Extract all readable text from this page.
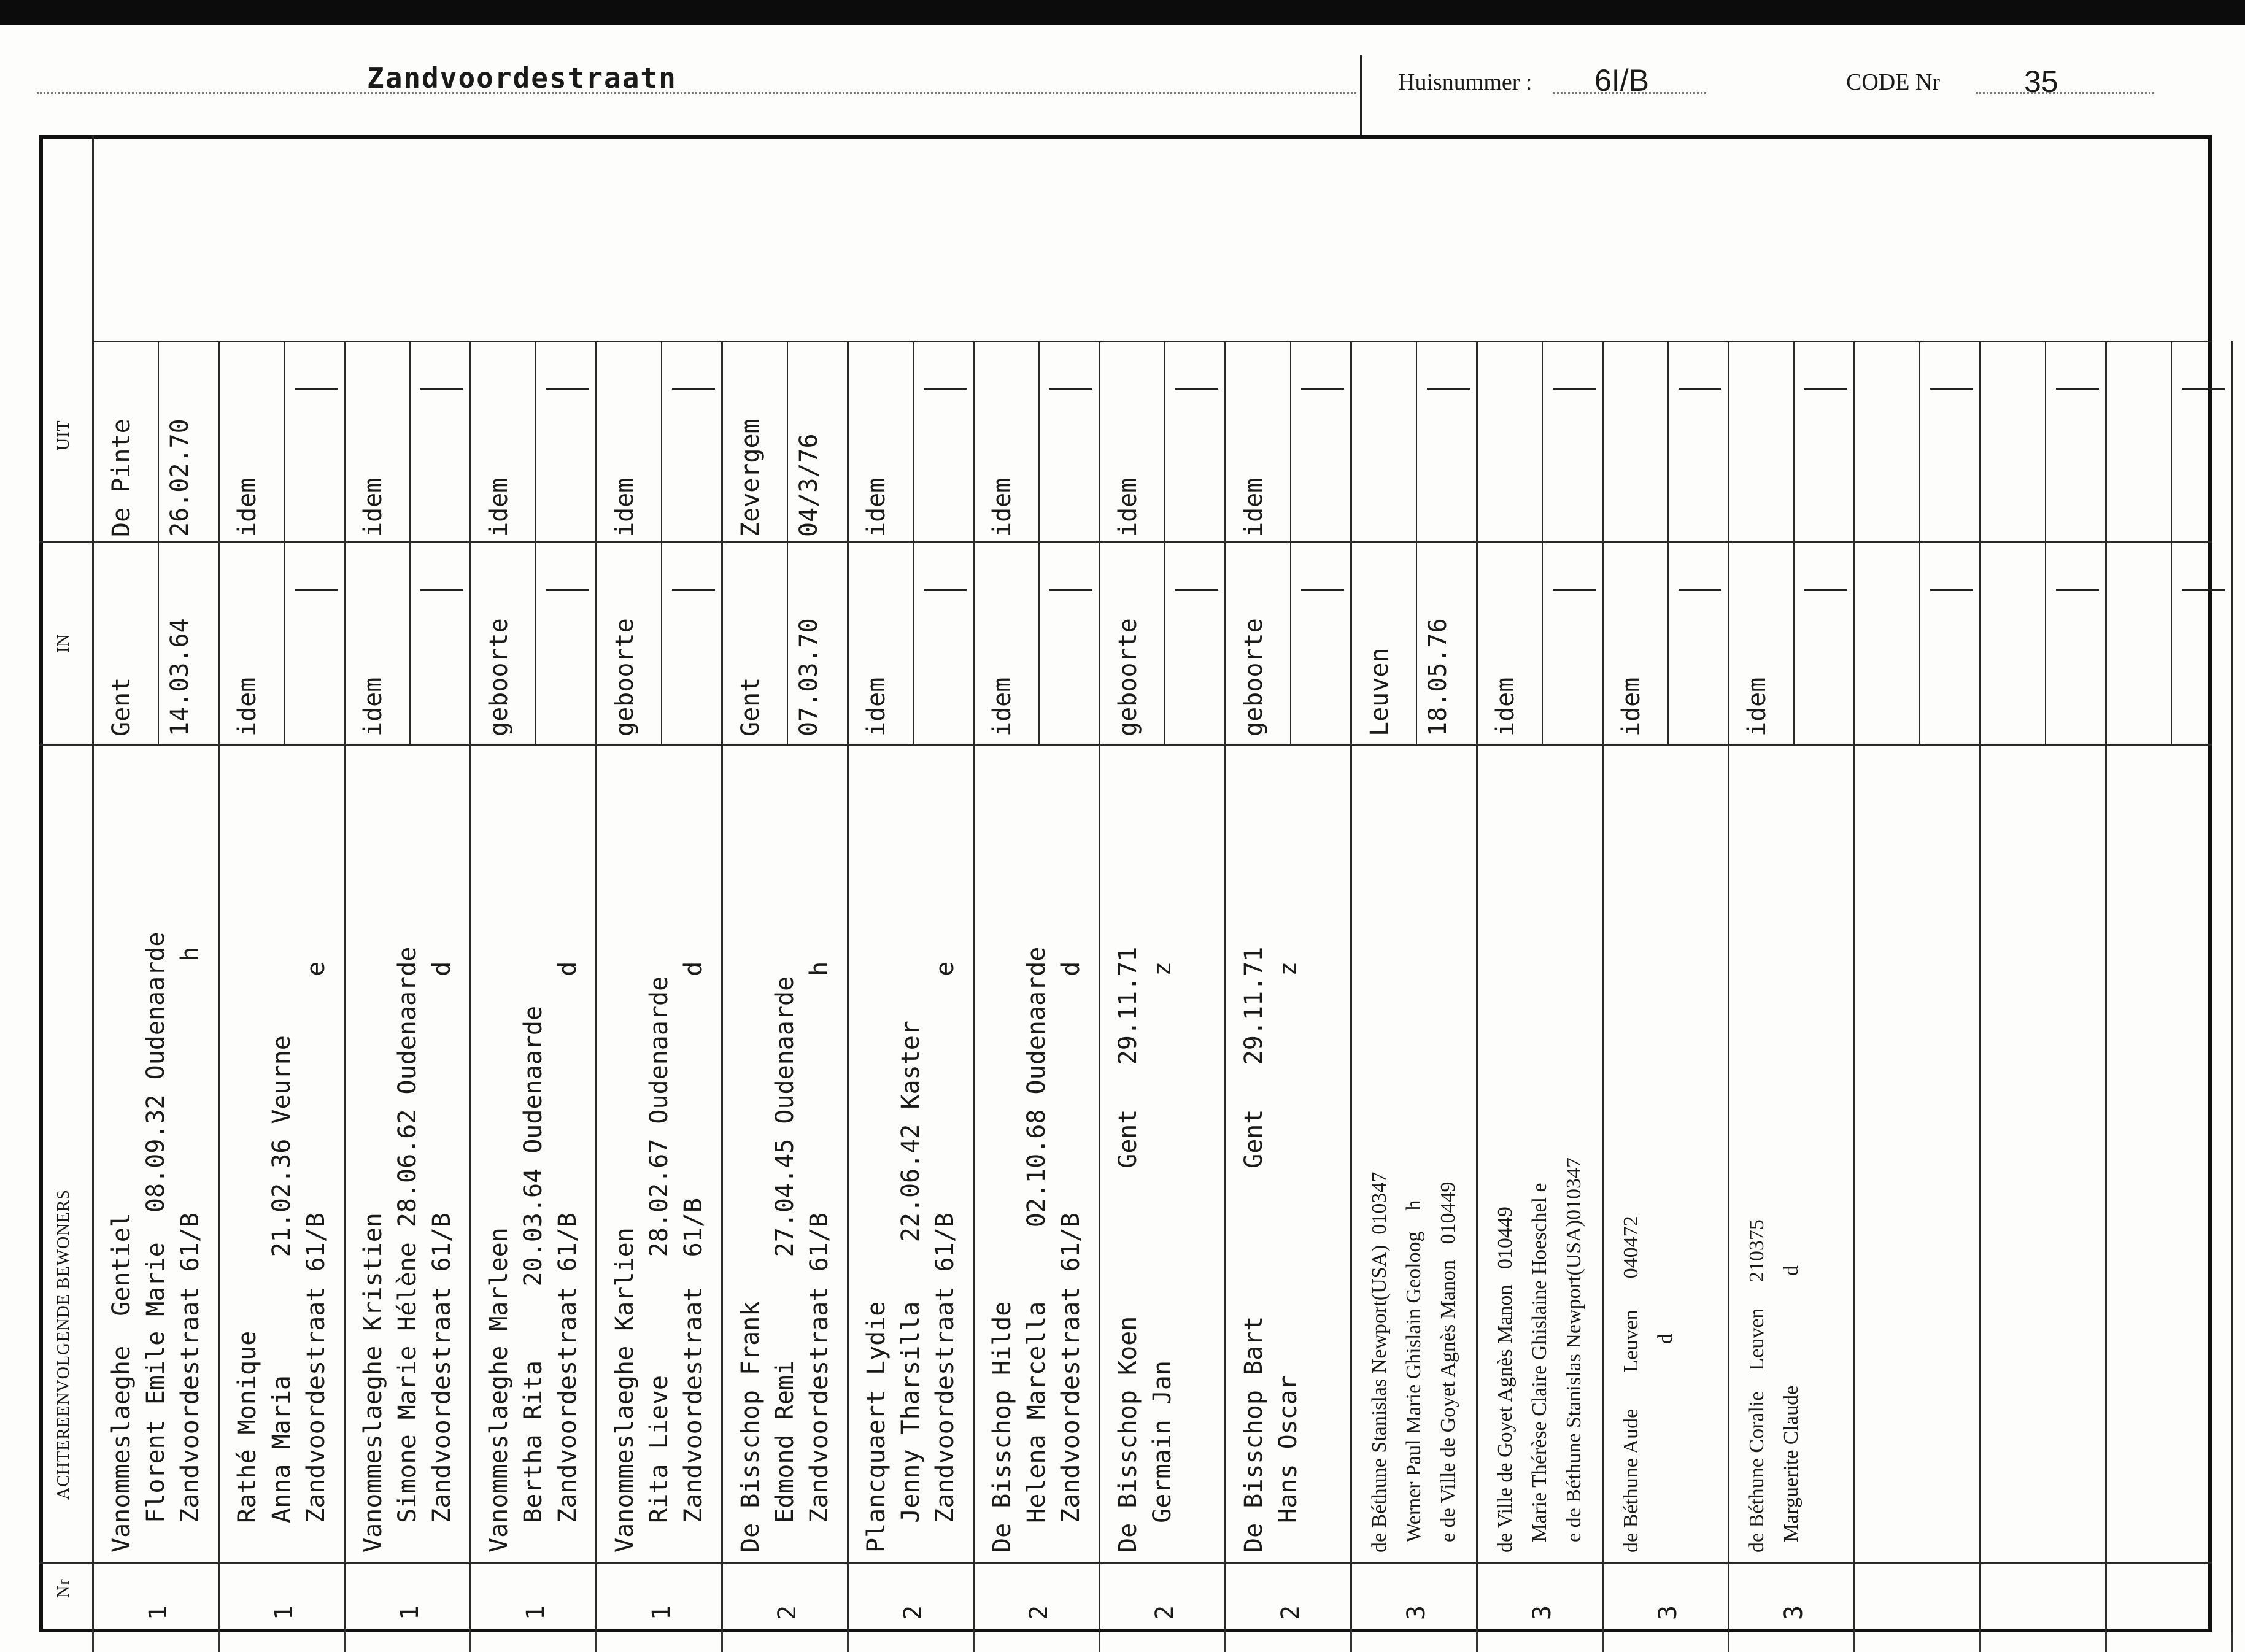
Zandvoordestraatn	Huisnummer : 6I/B	CODE Nr	35
Nr
ACHTEREENVOLGENDE BEWONERS
IN
UIT
1
Vanommeslaeghe  Gentiel
Florent Emile Marie  08.09.32 Oudenaarde
Zandvoordestraat 61/B                 h
Gent 14.03.64
De Pinte 26.02.70
1
Rathé Monique
Anna Maria        21.02.36 Veurne
Zandvoordestraat 61/B                e
idem
idem
1
Vanommeslaeghe Kristien
Simone Marie Hélène 28.06.62 Oudenaarde
Zandvoordestraat 61/B                d
idem
idem
1
Vanommeslaeghe Marleen
Bertha Rita     20.03.64 Oudenaarde
Zandvoordestraat 61/B                d
geboorte
idem
1
Vanommeslaeghe Karlien
Rita Lieve        28.02.67 Oudenaarde
Zandvoordestraat  61/B               d
geboorte
idem
2
De Bisschop Frank
Edmond Remi       27.04.45 Oudenaarde
Zandvoordestraat 61/B                h
Gent 07.03.70
Zevergem 04/3/76
2
Plancquaert Lydie
Jenny Tharsilla    22.06.42 Kaster
Zandvoordestraat 61/B                e
idem
idem
2
De Bisschop Hilde
Helena Marcella     02.10.68 Oudenaarde
Zandvoordestraat 61/B                d
idem
idem
2
De Bisschop Koen          Gent   29.11.71
Germain Jan                          z
geboorte
idem
2
De Bisschop Bart          Gent   29.11.71
Hans Oscar                           z
geboorte
idem
3
de Béthune Stanislas Newport(USA)  010347
Werner Paul Marie Ghislain Geoloog    h
e de Ville de Goyet Agnès Manon   010449
Leuven 18.05.76
3
de Ville de Goyet Agnès Manon   010449
Marie Thérèse Claire Ghislaine Hoeschel e
e de Béthune Stanislas Newport(USA)010347
idem
3
de Béthune Aude       Leuven      040472
d
idem
3
de Béthune Coralie    Leuven     210375
Marguerite Claude                     d
idem
